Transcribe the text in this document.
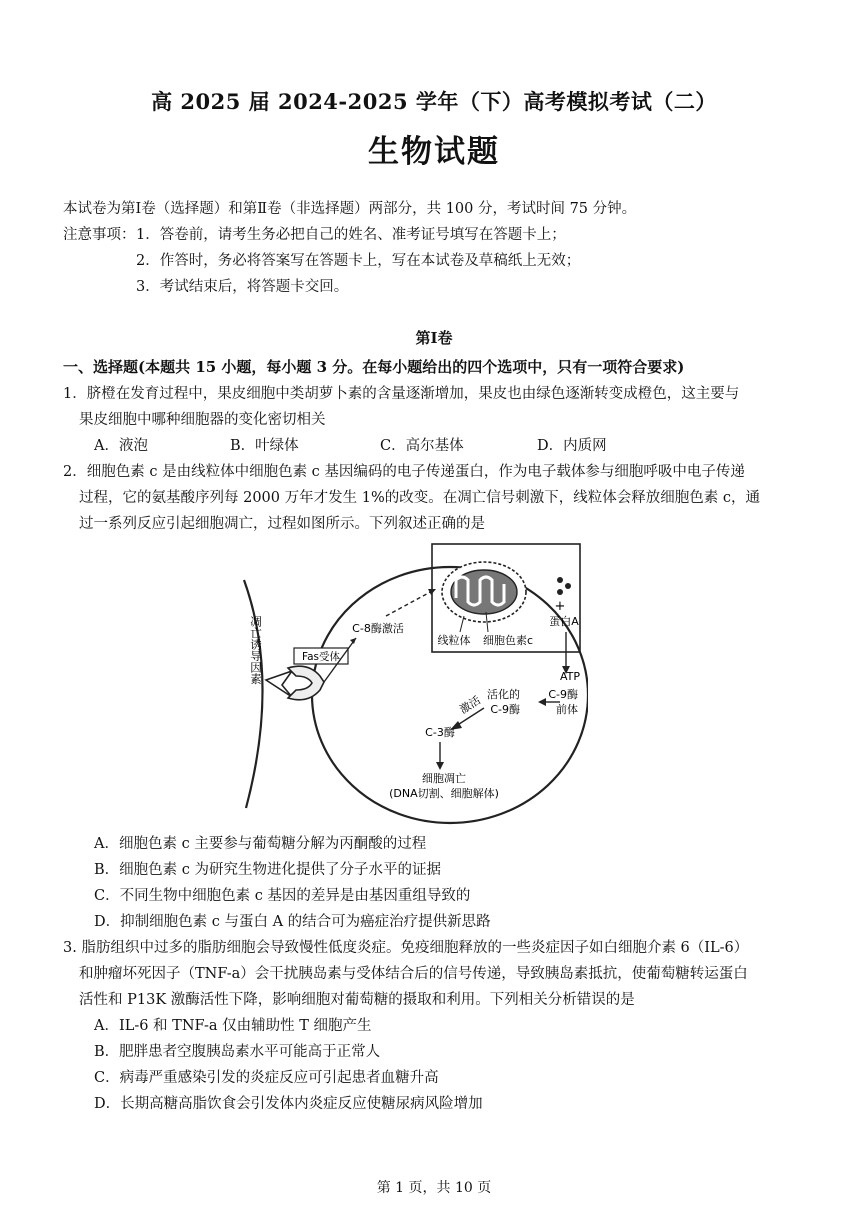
高 2025 届 2024-2025 学年（下）高考模拟考试（二）
生物试题
本试卷为第Ⅰ卷（选择题）和第Ⅱ卷（非选择题）两部分，共 100 分，考试时间 75 分钟。
注意事项： 1．答卷前，请考生务必把自己的姓名、准考证号填写在答题卡上；
2．作答时，务必将答案写在答题卡上，写在本试卷及草稿纸上无效；
3．考试结束后，将答题卡交回。
第Ⅰ卷
一、选择题(本题共 15 小题，每小题 3 分。在每小题给出的四个选项中，只有一项符合要求)
1．脐橙在发育过程中，果皮细胞中类胡萝卜素的含量逐渐增加，果皮也由绿色逐渐转变成橙色，这主要与
果皮细胞中哪种细胞器的变化密切相关
A．液泡	B．叶绿体	C．高尔基体	D．内质网
2．细胞色素 c 是由线粒体中细胞色素 c 基因编码的电子传递蛋白，作为电子载体参与细胞呼吸中电子传递
过程，它的氨基酸序列每 2000 万年才发生 1%的改变。在凋亡信号刺激下，线粒体会释放细胞色素 c，通
过一系列反应引起细胞凋亡，过程如图所示。下列叙述正确的是
凋亡诱导因素	Fas受体
C-8酶激活
+
蛋白A
线粒体 细胞色素c
ATP
C-9酶
前体
活化的
C-9酶
激活
C-3酶
细胞凋亡
(DNA切割、细胞解体)
A．细胞色素 c 主要参与葡萄糖分解为丙酮酸的过程
B．细胞色素 c 为研究生物进化提供了分子水平的证据
C．不同生物中细胞色素 c 基因的差异是由基因重组导致的
D．抑制细胞色素 c 与蛋白 A 的结合可为癌症治疗提供新思路
3. 脂肪组织中过多的脂肪细胞会导致慢性低度炎症。免疫细胞释放的一些炎症因子如白细胞介素 6（IL-6）
和肿瘤坏死因子（TNF-a）会干扰胰岛素与受体结合后的信号传递，导致胰岛素抵抗，使葡萄糖转运蛋白
活性和 P13K 激酶活性下降，影响细胞对葡萄糖的摄取和利用。下列相关分析错误的是
A．IL-6 和 TNF-a 仅由辅助性 T 细胞产生
B．肥胖患者空腹胰岛素水平可能高于正常人
C．病毒严重感染引发的炎症反应可引起患者血糖升高
D．长期高糖高脂饮食会引发体内炎症反应使糖尿病风险增加
第 1 页，共 10 页
